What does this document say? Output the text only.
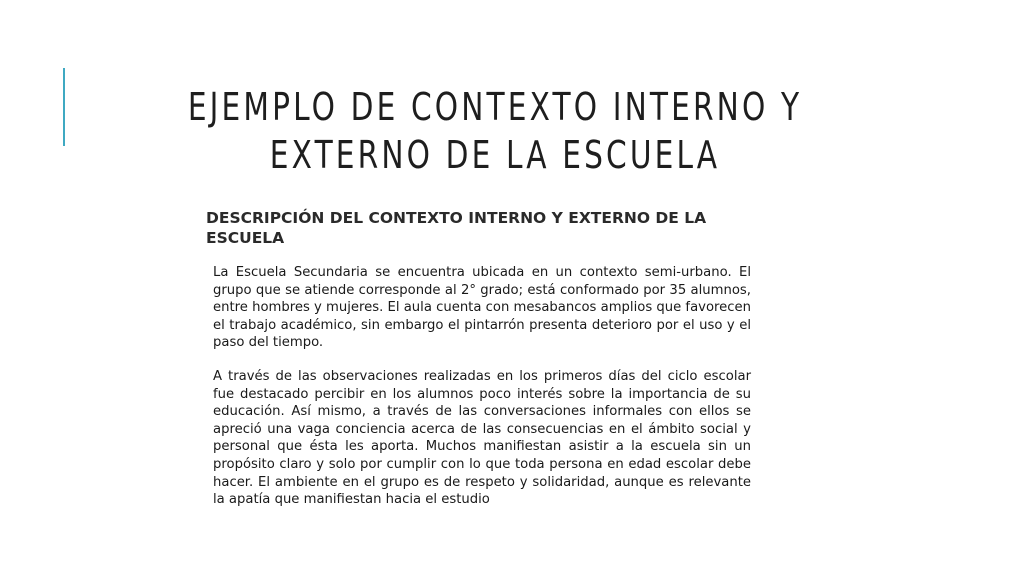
EJEMPLO DE CONTEXTO INTERNO Y EXTERNO DE LA ESCUELA
DESCRIPCIÓN DEL CONTEXTO INTERNO Y EXTERNO DE LA ESCUELA

La Escuela Secundaria se encuentra ubicada en un contexto semi-urbano. El grupo que se atiende corresponde al 2° grado; está conformado por 35 alumnos, entre hombres y mujeres. El aula cuenta con mesabancos amplios que favorecen el trabajo académico, sin embargo el pintarrón presenta deterioro por el uso y el paso del tiempo.

A través de las observaciones realizadas en los primeros días del ciclo escolar fue destacado percibir en los alumnos poco interés sobre la importancia de su educación. Así mismo, a través de las conversaciones informales con ellos se apreció una vaga conciencia acerca de las consecuencias en el ámbito social y personal que ésta les aporta. Muchos manifiestan asistir a la escuela sin un propósito claro y solo por cumplir con lo que toda persona en edad escolar debe hacer. El ambiente en el grupo es de respeto y solidaridad, aunque es relevante la apatía que manifiestan hacia el estudio
